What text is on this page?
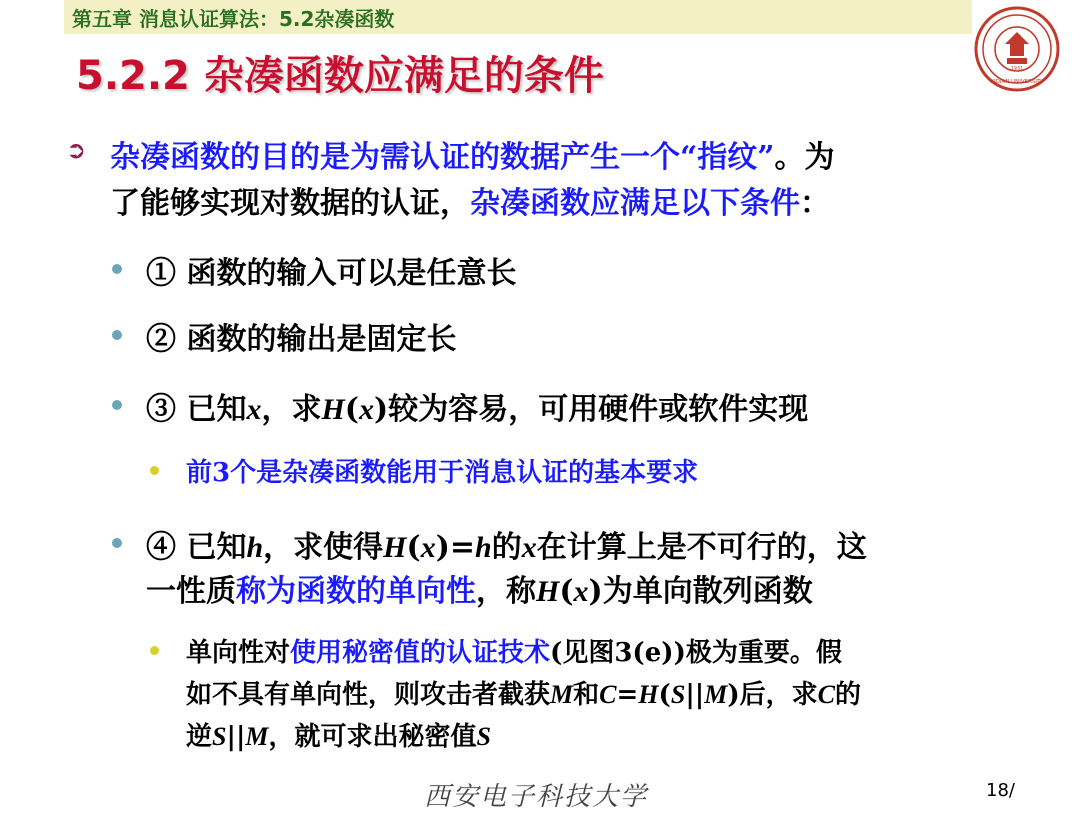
第五章 消息认证算法：5.2杂凑函数
1931
XIDIAN UNIVERSITY
5.2.2 杂凑函数应满足的条件
➲ 杂凑函数的目的是为需认证的数据产生一个“指纹”。为
了能够实现对数据的认证，杂凑函数应满足以下条件：
① 函数的输入可以是任意长
② 函数的输出是固定长
③ 已知x，求H(x)较为容易，可用硬件或软件实现
前3个是杂凑函数能用于消息认证的基本要求
④ 已知h，求使得H(x)=h的x在计算上是不可行的，这
一性质称为函数的单向性，称H(x)为单向散列函数
单向性对使用秘密值的认证技术(见图3(e))极为重要。假
如不具有单向性，则攻击者截获M和C=H(S||M)后，求C的
逆S||M，就可求出秘密值S
西安电子科技大学	18/
